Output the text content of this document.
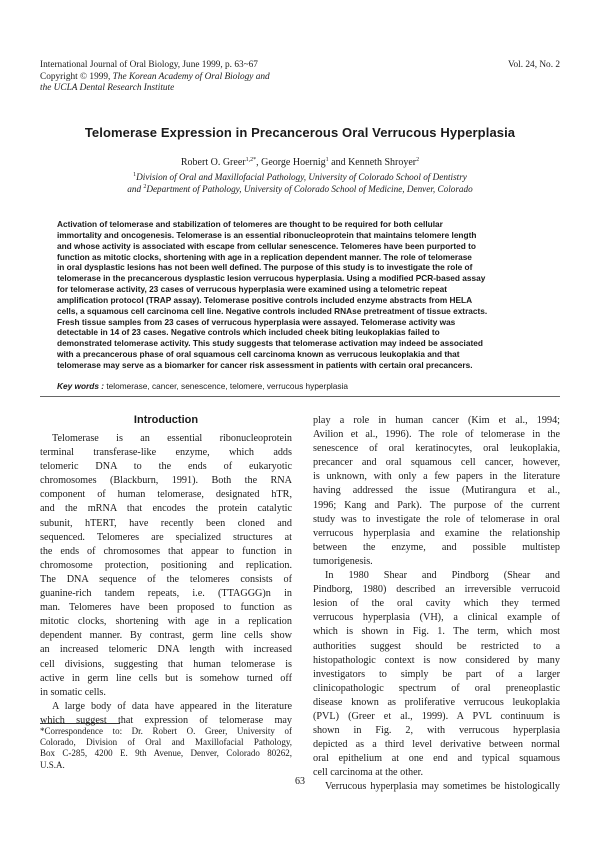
International Journal of Oral Biology, June 1999, p. 63~67
Copyright © 1999, The Korean Academy of Oral Biology and
the UCLA Dental Research Institute
Vol. 24, No. 2
Telomerase Expression in Precancerous Oral Verrucous Hyperplasia
Robert O. Greer$^{1,2*}$, George Hoernig$^1$ and Kenneth Shroyer$^2$
$^1$Division of Oral and Maxillofacial Pathology, University of Colorado School of Dentistry
and $^2$Department of Pathology, University of Colorado School of Medicine, Denver, Colorado
Activation of telomerase and stabilization of telomeres are thought to be required for both cellular
immortality and oncogenesis. Telomerase is an essential ribonucleoprotein that maintains telomere length
and whose activity is associated with escape from cellular senescence. Telomeres have been purported to
function as mitotic clocks, shortening with age in a replication dependent manner. The role of telomerase
in oral dysplastic lesions has not been well defined. The purpose of this study is to investigate the role of
telomerase in the precancerous dysplastic lesion verrucous hyperplasia. Using a modified PCR-based assay
for telomerase activity, 23 cases of verrucous hyperplasia were examined using a telometric repeat
amplification protocol (TRAP assay). Telomerase positive controls included enzyme abstracts from HELA
cells, a squamous cell carcinoma cell line. Negative controls included RNAse pretreatment of tissue extracts.
Fresh tissue samples from 23 cases of verrucous hyperplasia were assayed. Telomerase activity was
detectable in 14 of 23 cases. Negative controls which included cheek biting leukoplakias failed to
demonstrated telomerase activity. This study suggests that telomerase activation may indeed be associated
with a precancerous phase of oral squamous cell carcinoma known as verrucous leukoplakia and that
telomerase may serve as a biomarker for cancer risk assessment in patients with certain oral precancers.
Key words : telomerase, cancer, senescence, telomere, verrucous hyperplasia
Introduction
Telomerase is an essential ribonucleoprotein
terminal transferase-like enzyme, which adds
telomeric DNA to the ends of eukaryotic
chromosomes (Blackburn, 1991). Both the RNA
component of human telomerase, designated hTR,
and the mRNA that encodes the protein catalytic
subunit, hTERT, have recently been cloned and
sequenced. Telomeres are specialized structures at
the ends of chromosomes that appear to function in
chromosome protection, positioning and replication.
The DNA sequence of the telomeres consists of
guanine-rich tandem repeats, i.e. (TTAGGG)n in
man. Telomeres have been proposed to function as
mitotic clocks, shortening with age in a replication
dependent manner. By contrast, germ line cells show
an increased telomeric DNA length with increased
cell divisions, suggesting that human telomerase is
active in germ line cells but is somehow turned off
in somatic cells.
A large body of data have appeared in the literature
which suggest that expression of telomerase may
play a role in human cancer (Kim et al., 1994;
Avilion et al., 1996). The role of telomerase in the
senescence of oral keratinocytes, oral leukoplakia,
precancer and oral squamous cell cancer, however,
is unknown, with only a few papers in the literature
having addressed the issue (Mutirangura et al.,
1996; Kang and Park). The purpose of the current
study was to investigate the role of telomerase in oral
verrucous hyperplasia and examine the relationship
between the enzyme, and possible multistep
tumorigenesis.
In 1980 Shear and Pindborg (Shear and
Pindborg, 1980) described an irreversible verrucoid
lesion of the oral cavity which they termed
verrucous hyperplasia (VH), a clinical example of
which is shown in Fig. 1. The term, which most
authorities suggest should be restricted to a
histopathologic context is now considered by many
investigators to simply be part of a larger
clinicopathologic spectrum of oral preneoplastic
disease known as proliferative verrucous leukoplakia
(PVL) (Greer et al., 1999). A PVL continuum is
shown in Fig. 2, with verrucous hyperplasia
depicted as a third level derivative between normal
oral epithelium at one end and typical squamous
cell carcinoma at the other.
Verrucous hyperplasia may sometimes be histologically
*Correspondence to: Dr. Robert O. Greer, University of
Colorado, Division of Oral and Maxillofacial Pathology,
Box C-285, 4200 E. 9th Avenue, Denver, Colorado 80262,
U.S.A.
63
